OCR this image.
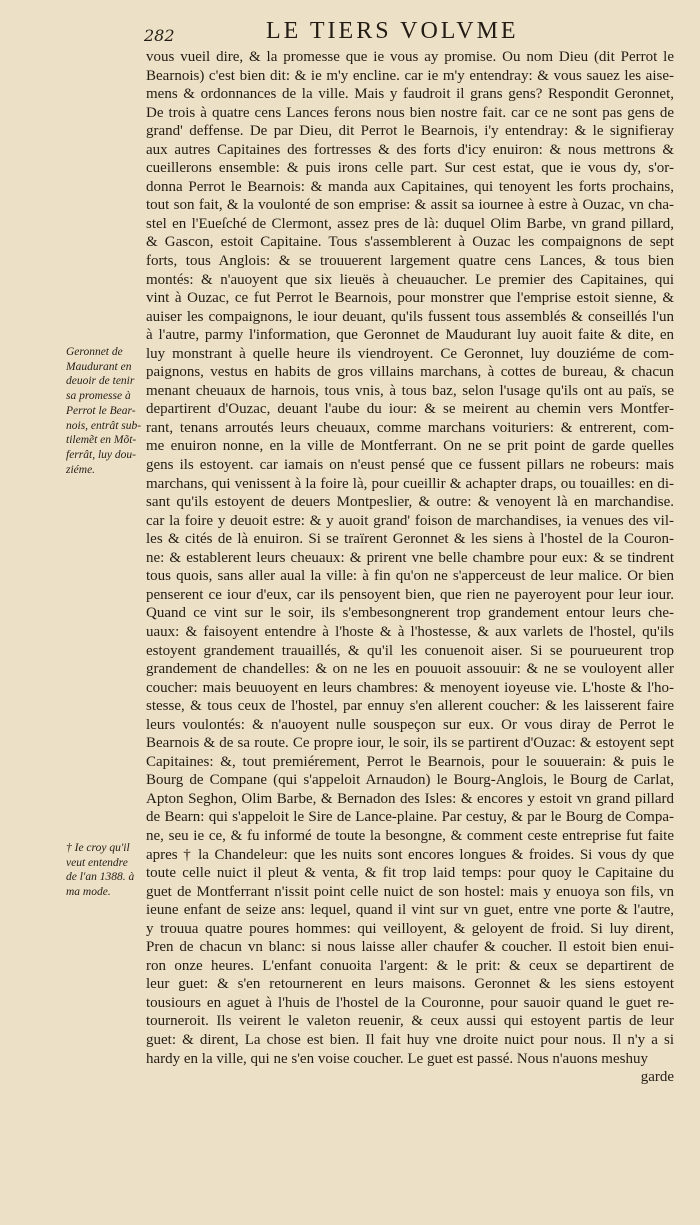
282	LE TIERS VOLVME
Geronnet de
Maudurant en
deuoir de tenir
sa promesse à
Perrot le Bear-
nois, entrât sub-
tilemẽt en Mõt-
ferrât, luy dou-
ziéme.
† Ie croy qu'il
veut entendre
de l'an 1388. à
ma mode.
vous vueil dire, & la promesse que ie vous ay promise. Ou nom Dieu (dit Perrot le
Bearnois) c'est bien dit: & ie m'y encline. car ie m'y entendray: & vous sauez les aise-
mens & ordonnances de la ville. Mais y faudroit il grans gens? Respondit Geronnet,
De trois à quatre cens Lances ferons nous bien nostre fait. car ce ne sont pas gens de
grand' deffense. De par Dieu, dit Perrot le Bearnois, i'y entendray: & le signifieray
aux autres Capitaines des fortresses & des forts d'icy enuiron: & nous mettrons &
cueillerons ensemble: & puis irons celle part. Sur cest estat, que ie vous dy, s'or-
donna Perrot le Bearnois: & manda aux Capitaines, qui tenoyent les forts prochains,
tout son fait, & la voulonté de son emprise: & assit sa iournee à estre à Ouzac, vn cha-
stel en l'Eueſché de Clermont, assez pres de là: duquel Olim Barbe, vn grand pillard,
& Gascon, estoit Capitaine. Tous s'assemblerent à Ouzac les compaignons de sept
forts, tous Anglois: & se trouuerent largement quatre cens Lances, & tous bien
montés: & n'auoyent que six lieuës à cheuaucher. Le premier des Capitaines, qui
vint à Ouzac, ce fut Perrot le Bearnois, pour monstrer que l'emprise estoit sienne, &
auiser les compaignons, le iour deuant, qu'ils fussent tous assemblés & conseillés l'un
à l'autre, parmy l'information, que Geronnet de Maudurant luy auoit faite & dite, en
luy monstrant à quelle heure ils viendroyent. Ce Geronnet, luy douziéme de com-
paignons, vestus en habits de gros villains marchans, à cottes de bureau, & chacun
menant cheuaux de harnois, tous vnis, à tous baz, selon l'usage qu'ils ont au païs, se
departirent d'Ouzac, deuant l'aube du iour: & se meirent au chemin vers Montfer-
rant, tenans arroutés leurs cheuaux, comme marchans voituriers: & entrerent, com-
me enuiron nonne, en la ville de Montferrant. On ne se prit point de garde quelles
gens ils estoyent. car iamais on n'eust pensé que ce fussent pillars ne robeurs: mais
marchans, qui venissent à la foire là, pour cueillir & achapter draps, ou touailles: en di-
sant qu'ils estoyent de deuers Montpeslier, & outre: & venoyent là en marchandise.
car la foire y deuoit estre: & y auoit grand' foison de marchandises, ia venues des vil-
les & cités de là enuiron. Si se traïrent Geronnet & les siens à l'hostel de la Couron-
ne: & establerent leurs cheuaux: & prirent vne belle chambre pour eux: & se tindrent
tous quois, sans aller aual la ville: à fin qu'on ne s'apperceust de leur malice. Or bien
penserent ce iour d'eux, car ils pensoyent bien, que rien ne payeroyent pour leur iour.
Quand ce vint sur le soir, ils s'embesongnerent trop grandement entour leurs che-
uaux: & faisoyent entendre à l'hoste & à l'hostesse, & aux varlets de l'hostel, qu'ils
estoyent grandement trauaillés, & qu'il les conuenoit aiser. Si se pourueurent trop
grandement de chandelles: & on ne les en pouuoit assouuir: & ne se vouloyent aller
coucher: mais beuuoyent en leurs chambres: & menoyent ioyeuse vie. L'hoste & l'ho-
stesse, & tous ceux de l'hostel, par ennuy s'en allerent coucher: & les laisserent faire
leurs voulontés: & n'auoyent nulle souspeçon sur eux. Or vous diray de Perrot le
Bearnois & de sa route. Ce propre iour, le soir, ils se partirent d'Ouzac: & estoyent sept
Capitaines: &, tout premiérement, Perrot le Bearnois, pour le souuerain: & puis le
Bourg de Compane (qui s'appeloit Arnaudon) le Bourg-Anglois, le Bourg de Carlat,
Apton Seghon, Olim Barbe, & Bernadon des Isles: & encores y estoit vn grand pillard
de Bearn: qui s'appeloit le Sire de Lance-plaine. Par cestuy, & par le Bourg de Compa-
ne, seu ie ce, & fu informé de toute la besongne, & comment ceste entreprise fut faite
apres † la Chandeleur: que les nuits sont encores longues & froides. Si vous dy que
toute celle nuict il pleut & venta, & fit trop laid temps: pour quoy le Capitaine du
guet de Montferrant n'issit point celle nuict de son hostel: mais y enuoya son fils, vn
ieune enfant de seize ans: lequel, quand il vint sur vn guet, entre vne porte & l'autre,
y trouua quatre poures hommes: qui veilloyent, & geloyent de froid. Si luy dirent,
Pren de chacun vn blanc: si nous laisse aller chaufer & coucher. Il estoit bien enui-
ron onze heures. L'enfant conuoita l'argent: & le prit: & ceux se departirent de
leur guet: & s'en retournerent en leurs maisons. Geronnet & les siens estoyent
tousiours en aguet à l'huis de l'hostel de la Couronne, pour sauoir quand le guet re-
tourneroit. Ils veirent le valeton reuenir, & ceux aussi qui estoyent partis de leur
guet: & dirent, La chose est bien. Il fait huy vne droite nuict pour nous. Il n'y a si
hardy en la ville, qui ne s'en voise coucher. Le guet est passé. Nous n'auons meshuy
garde
